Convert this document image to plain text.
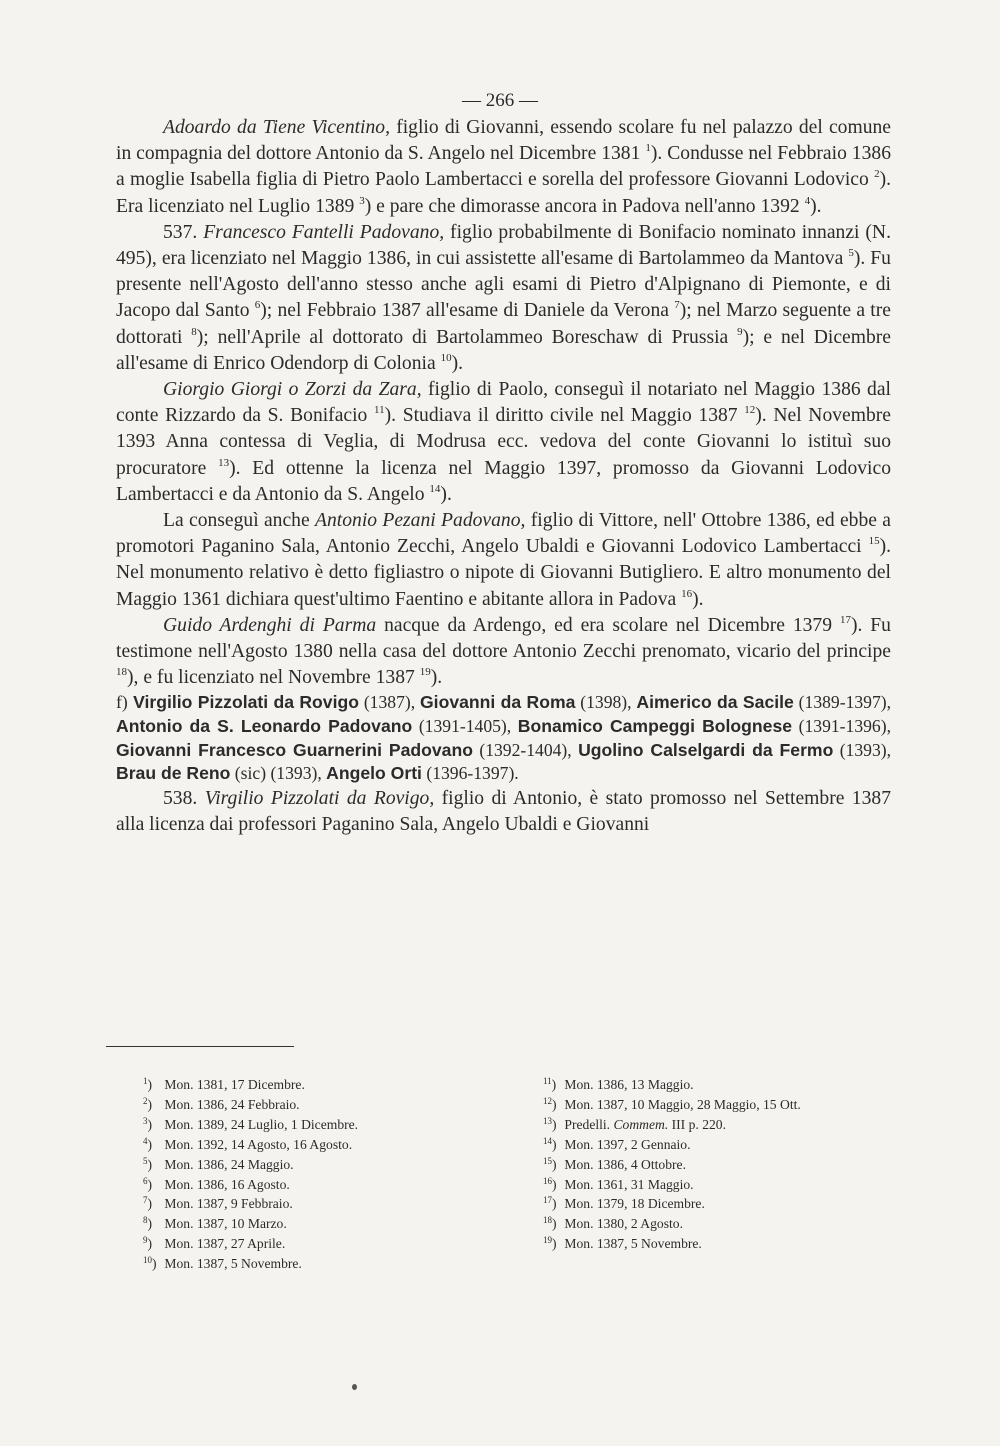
— 266 —

Adoardo da Tiene Vicentino, figlio di Giovanni, essendo scolare fu nel palazzo del comune in compagnia del dottore Antonio da S. Angelo nel Dicembre 1381 $^1$). Condusse nel Febbraio 1386 a moglie Isabella figlia di Pietro Paolo Lambertacci e sorella del professore Giovanni Lodovico $^2$). Era licenziato nel Luglio 1389 $^3$) e pare che dimorasse ancora in Padova nell'anno 1392 $^4$).

537. Francesco Fantelli Padovano, figlio probabilmente di Bonifacio nominato innanzi (N. 495), era licenziato nel Maggio 1386, in cui assistette all'esame di Bartolammeo da Mantova $^5$). Fu presente nell'Agosto dell'anno stesso anche agli esami di Pietro d'Alpignano di Piemonte, e di Jacopo dal Santo $^6$); nel Febbraio 1387 all'esame di Daniele da Verona $^7$); nel Marzo seguente a tre dottorati $^8$); nell'Aprile al dottorato di Bartolammeo Boreschaw di Prussia $^9$); e nel Dicembre all'esame di Enrico Odendorp di Colonia $^{10}$).

Giorgio Giorgi o Zorzi da Zara, figlio di Paolo, conseguì il notariato nel Maggio 1386 dal conte Rizzardo da S. Bonifacio $^{11}$). Studiava il diritto civile nel Maggio 1387 $^{12}$). Nel Novembre 1393 Anna contessa di Veglia, di Modrusa ecc. vedova del conte Giovanni lo istituì suo procuratore $^{13}$). Ed ottenne la licenza nel Maggio 1397, promosso da Giovanni Lodovico Lambertacci e da Antonio da S. Angelo $^{14}$).

La conseguì anche Antonio Pezani Padovano, figlio di Vittore, nell' Ottobre 1386, ed ebbe a promotori Paganino Sala, Antonio Zecchi, Angelo Ubaldi e Giovanni Lodovico Lambertacci $^{15}$). Nel monumento relativo è detto figliastro o nipote di Giovanni Butigliero. E altro monumento del Maggio 1361 dichiara quest'ultimo Faentino e abitante allora in Padova $^{16}$).

Guido Ardenghi di Parma nacque da Ardengo, ed era scolare nel Dicembre 1379 $^{17}$). Fu testimone nell'Agosto 1380 nella casa del dottore Antonio Zecchi prenomato, vicario del principe $^{18}$), e fu licenziato nel Novembre 1387 $^{19}$).

f) Virgilio Pizzolati da Rovigo (1387), Giovanni da Roma (1398), Aimerico da Sacile (1389-1397), Antonio da S. Leonardo Padovano (1391-1405), Bonamico Campeggi Bolognese (1391-1396), Giovanni Francesco Guarnerini Padovano (1392-1404), Ugolino Calselgardi da Fermo (1393), Brau de Reno (sic) (1393), Angelo Orti (1396-1397).

538. Virgilio Pizzolati da Rovigo, figlio di Antonio, è stato promosso nel Settembre 1387 alla licenza dai professori Paganino Sala, Angelo Ubaldi e Giovanni

$^1$) Mon. 1381, 17 Dicembre.
$^2$) Mon. 1386, 24 Febbraio.
$^3$) Mon. 1389, 24 Luglio, 1 Dicembre.
$^4$) Mon. 1392, 14 Agosto, 16 Agosto.
$^5$) Mon. 1386, 24 Maggio.
$^6$) Mon. 1386, 16 Agosto.
$^7$) Mon. 1387, 9 Febbraio.
$^8$) Mon. 1387, 10 Marzo.
$^9$) Mon. 1387, 27 Aprile.
$^{10}$) Mon. 1387, 5 Novembre.
$^{11}$) Mon. 1386, 13 Maggio.
$^{12}$) Mon. 1387, 10 Maggio, 28 Maggio, 15 Ott.
$^{13}$) Predelli. Commem. III p. 220.
$^{14}$) Mon. 1397, 2 Gennaio.
$^{15}$) Mon. 1386, 4 Ottobre.
$^{16}$) Mon. 1361, 31 Maggio.
$^{17}$) Mon. 1379, 18 Dicembre.
$^{18}$) Mon. 1380, 2 Agosto.
$^{19}$) Mon. 1387, 5 Novembre.
